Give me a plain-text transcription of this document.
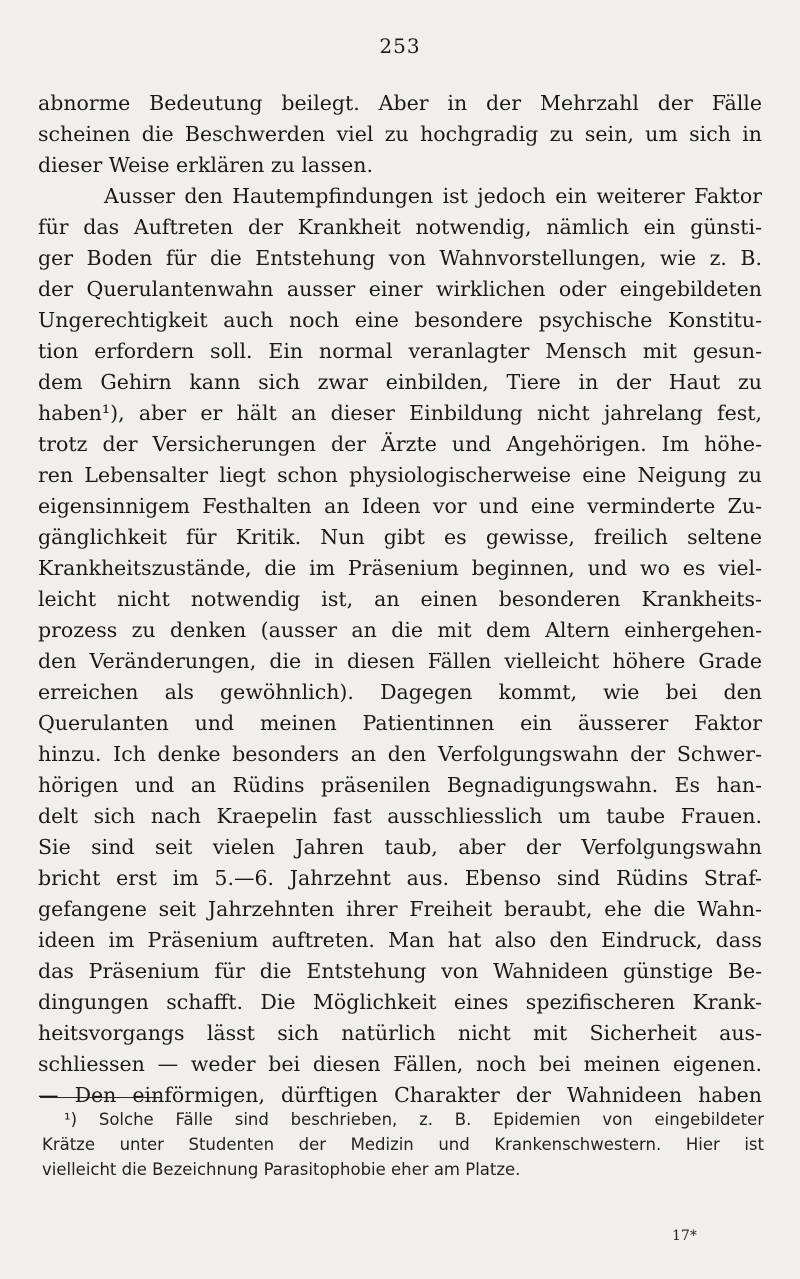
253
abnorme Bedeutung beilegt. Aber in der Mehrzahl der Fälle
scheinen die Beschwerden viel zu hochgradig zu sein, um sich in
dieser Weise erklären zu lassen.
Ausser den Hautempfindungen ist jedoch ein weiterer Faktor
für das Auftreten der Krankheit notwendig, nämlich ein günsti-
ger Boden für die Entstehung von Wahnvorstellungen, wie z. B.
der Querulantenwahn ausser einer wirklichen oder eingebildeten
Ungerechtigkeit auch noch eine besondere psychische Konstitu-
tion erfordern soll. Ein normal veranlagter Mensch mit gesun-
dem Gehirn kann sich zwar einbilden, Tiere in der Haut zu
haben¹), aber er hält an dieser Einbildung nicht jahrelang fest,
trotz der Versicherungen der Ärzte und Angehörigen. Im höhe-
ren Lebensalter liegt schon physiologischerweise eine Neigung zu
eigensinnigem Festhalten an Ideen vor und eine verminderte Zu-
gänglichkeit für Kritik. Nun gibt es gewisse, freilich seltene
Krankheitszustände, die im Präsenium beginnen, und wo es viel-
leicht nicht notwendig ist, an einen besonderen Krankheits-
prozess zu denken (ausser an die mit dem Altern einhergehen-
den Veränderungen, die in diesen Fällen vielleicht höhere Grade
erreichen als gewöhnlich). Dagegen kommt, wie bei den
Querulanten und meinen Patientinnen ein äusserer Faktor
hinzu. Ich denke besonders an den Verfolgungswahn der Schwer-
hörigen und an Rüdins präsenilen Begnadigungswahn. Es han-
delt sich nach Kraepelin fast ausschliesslich um taube Frauen.
Sie sind seit vielen Jahren taub, aber der Verfolgungswahn
bricht erst im 5.—6. Jahrzehnt aus. Ebenso sind Rüdins Straf-
gefangene seit Jahrzehnten ihrer Freiheit beraubt, ehe die Wahn-
ideen im Präsenium auftreten. Man hat also den Eindruck, dass
das Präsenium für die Entstehung von Wahnideen günstige Be-
dingungen schafft. Die Möglichkeit eines spezifischeren Krank-
heitsvorgangs lässt sich natürlich nicht mit Sicherheit aus-
schliessen — weder bei diesen Fällen, noch bei meinen eigenen.
— Den einförmigen, dürftigen Charakter der Wahnideen haben
¹) Solche Fälle sind beschrieben, z. B. Epidemien von eingebildeter
Krätze unter Studenten der Medizin und Krankenschwestern. Hier ist
vielleicht die Bezeichnung Parasitophobie eher am Platze.
17*
